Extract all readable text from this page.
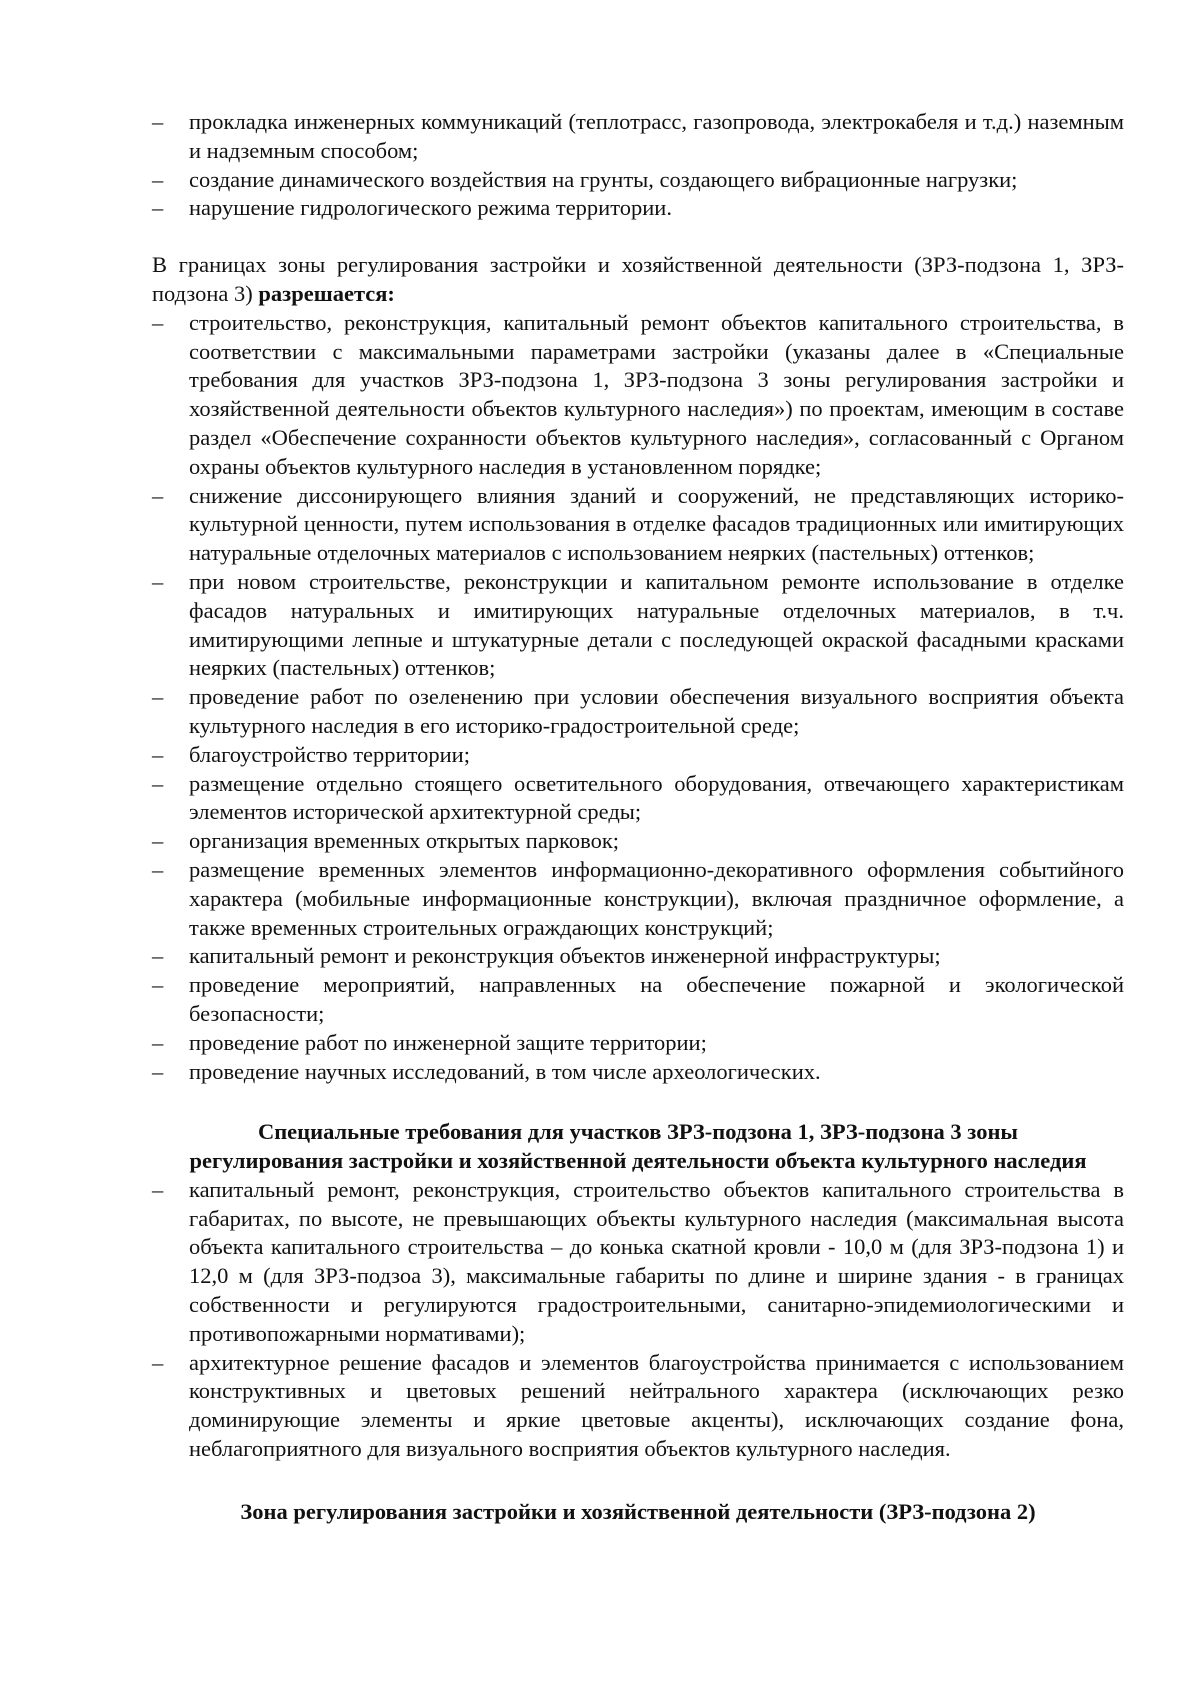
– прокладка инженерных коммуникаций (теплотрасс, газопровода, электрокабеля и т.д.) наземным и надземным способом;
– создание динамического воздействия на грунты, создающего вибрационные нагрузки;
– нарушение гидрологического режима территории.

В границах зоны регулирования застройки и хозяйственной деятельности (ЗРЗ-подзона 1, ЗРЗ-подзона 3) разрешается:

– строительство, реконструкция, капитальный ремонт объектов капитального строительства, в соответствии с максимальными параметрами застройки (указаны далее в «Специальные требования для участков ЗРЗ-подзона 1, ЗРЗ-подзона 3 зоны регулирования застройки и хозяйственной деятельности объектов культурного наследия») по проектам, имеющим в составе раздел «Обеспечение сохранности объектов культурного наследия», согласованный с Органом охраны объектов культурного наследия в установленном порядке;
– снижение диссонирующего влияния зданий и сооружений, не представляющих историко-культурной ценности, путем использования в отделке фасадов традиционных или имитирующих натуральные отделочных материалов с использованием неярких (пастельных) оттенков;
– при новом строительстве, реконструкции и капитальном ремонте использование в отделке фасадов натуральных и имитирующих натуральные отделочных материалов, в т.ч. имитирующими лепные и штукатурные детали с последующей окраской фасадными красками неярких (пастельных) оттенков;
– проведение работ по озеленению при условии обеспечения визуального восприятия объекта культурного наследия в его историко-градостроительной среде;
– благоустройство территории;
– размещение отдельно стоящего осветительного оборудования, отвечающего характеристикам элементов исторической архитектурной среды;
– организация временных открытых парковок;
– размещение временных элементов информационно-декоративного оформления событийного характера (мобильные информационные конструкции), включая праздничное оформление, а также временных строительных ограждающих конструкций;
– капитальный ремонт и реконструкция объектов инженерной инфраструктуры;
– проведение мероприятий, направленных на обеспечение пожарной и экологической безопасности;
– проведение работ по инженерной защите территории;
– проведение научных исследований, в том числе археологических.
Специальные требования для участков ЗРЗ-подзона 1, ЗРЗ-подзона 3 зоны
регулирования застройки и хозяйственной деятельности объекта культурного наследия
– капитальный ремонт, реконструкция, строительство объектов капитального строительства в габаритах, по высоте, не превышающих объекты культурного наследия (максимальная высота объекта капитального строительства – до конька скатной кровли - 10,0 м (для ЗРЗ-подзона 1) и 12,0 м (для ЗРЗ-подзоа 3), максимальные габариты по длине и ширине здания - в границах собственности и регулируются градостроительными, санитарно-эпидемиологическими и противопожарными нормативами);
– архитектурное решение фасадов и элементов благоустройства принимается с использованием конструктивных и цветовых решений нейтрального характера (исключающих резко доминирующие элементы и яркие цветовые акценты), исключающих создание фона, неблагоприятного для визуального восприятия объектов культурного наследия.
Зона регулирования застройки и хозяйственной деятельности (ЗРЗ-подзона 2)
